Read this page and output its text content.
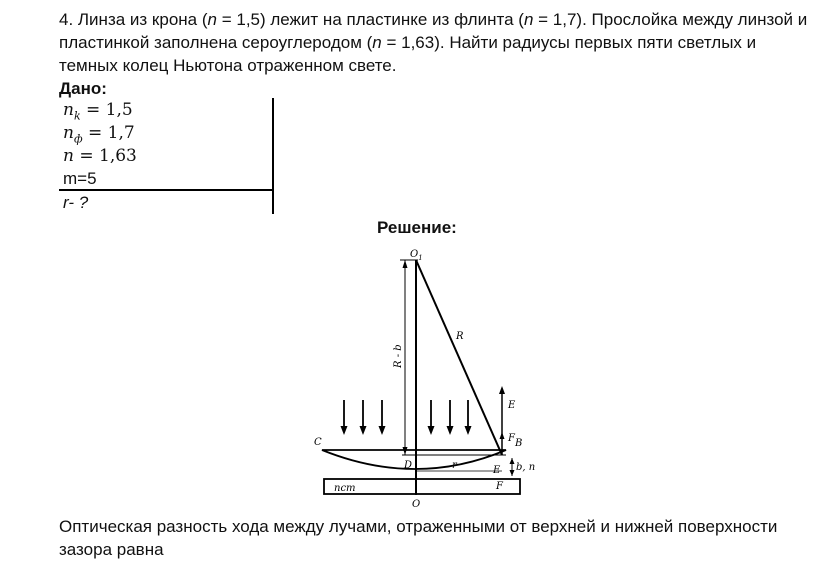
4. Линза из крона (n = 1,5) лежит на пластинке из флинта (n = 1,7). Прослойка между линзой и пластинкой заполнена сероуглеродом (n = 1,63). Найти радиусы первых пяти светлых и темных колец Ньютона отраженном свете.
Дано:
$n_k = 1,5$
$n_ф = 1,7$
n = 1,63
m=5
r- ?
Решение:
$O_1$
R - b
R
E
F B
C
D	r	E b, n
nст	F
O
Оптическая разность хода между лучами, отраженными от верхней и нижней поверхности зазора равна
